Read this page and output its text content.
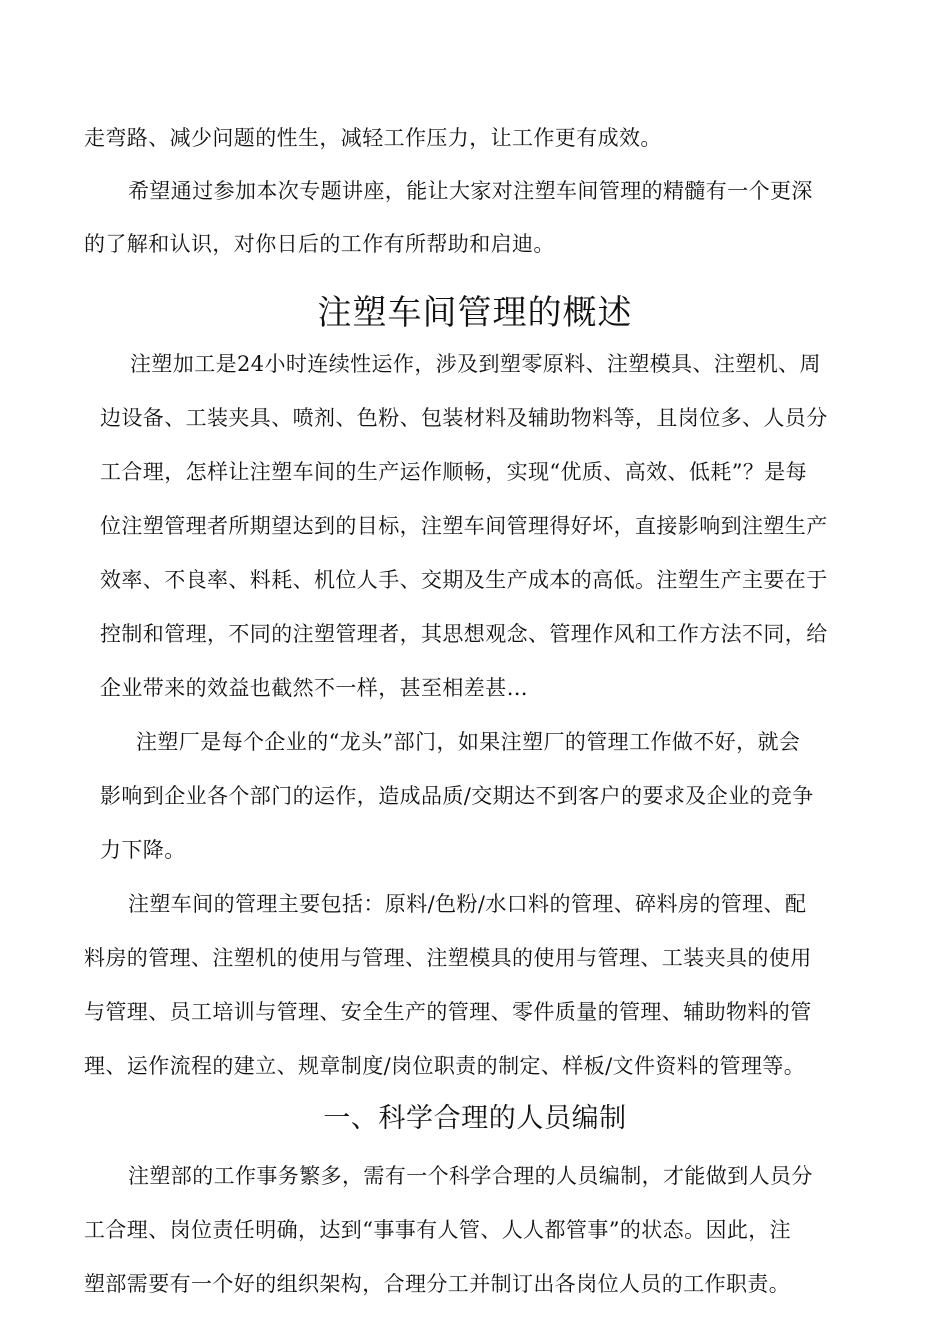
走弯路、减少问题的性生，减轻工作压力，让工作更有成效。
希望通过参加本次专题讲座，能让大家对注塑车间管理的精髓有一个更深
的了解和认识，对你日后的工作有所帮助和启迪。
注塑车间管理的概述
注塑加工是24小时连续性运作，涉及到塑零原料、注塑模具、注塑机、周
边设备、工装夹具、喷剂、色粉、包装材料及辅助物料等，且岗位多、人员分
工合理，怎样让注塑车间的生产运作顺畅，实现“优质、高效、低耗”？是每
位注塑管理者所期望达到的目标，注塑车间管理得好坏，直接影响到注塑生产
效率、不良率、料耗、机位人手、交期及生产成本的高低。注塑生产主要在于
控制和管理，不同的注塑管理者，其思想观念、管理作风和工作方法不同，给
企业带来的效益也截然不一样，甚至相差甚…
注塑厂是每个企业的“龙头”部门，如果注塑厂的管理工作做不好，就会
影响到企业各个部门的运作，造成品质/交期达不到客户的要求及企业的竞争
力下降。
注塑车间的管理主要包括：原料/色粉/水口料的管理、碎料房的管理、配
料房的管理、注塑机的使用与管理、注塑模具的使用与管理、工装夹具的使用
与管理、员工培训与管理、安全生产的管理、零件质量的管理、辅助物料的管
理、运作流程的建立、规章制度/岗位职责的制定、样板/文件资料的管理等。
一、科学合理的人员编制
注塑部的工作事务繁多，需有一个科学合理的人员编制，才能做到人员分
工合理、岗位责任明确，达到“事事有人管、人人都管事”的状态。因此，注
塑部需要有一个好的组织架构，合理分工并制订出各岗位人员的工作职责。
